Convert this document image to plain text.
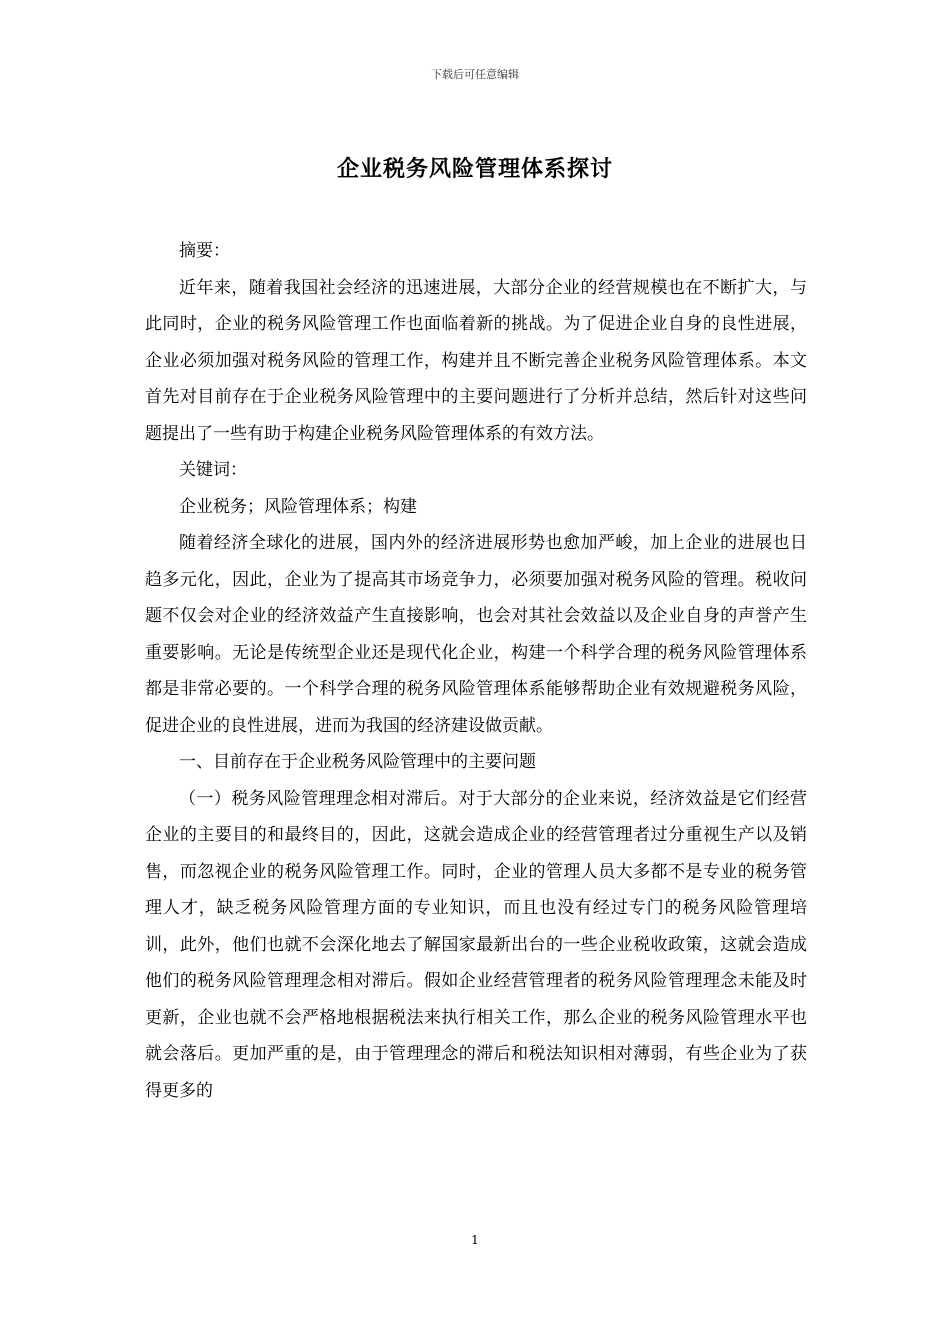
下载后可任意编辑
企业税务风险管理体系探讨

摘要：

近年来，随着我国社会经济的迅速进展，大部分企业的经营规模也在不断扩大，与此同时，企业的税务风险管理工作也面临着新的挑战。为了促进企业自身的良性进展，企业必须加强对税务风险的管理工作，构建并且不断完善企业税务风险管理体系。本文首先对目前存在于企业税务风险管理中的主要问题进行了分析并总结，然后针对这些问题提出了一些有助于构建企业税务风险管理体系的有效方法。

关键词：

企业税务；风险管理体系；构建

随着经济全球化的进展，国内外的经济进展形势也愈加严峻，加上企业的进展也日趋多元化，因此，企业为了提高其市场竞争力，必须要加强对税务风险的管理。税收问题不仅会对企业的经济效益产生直接影响，也会对其社会效益以及企业自身的声誉产生重要影响。无论是传统型企业还是现代化企业，构建一个科学合理的税务风险管理体系都是非常必要的。一个科学合理的税务风险管理体系能够帮助企业有效规避税务风险，促进企业的良性进展，进而为我国的经济建设做贡献。

一、目前存在于企业税务风险管理中的主要问题

（一）税务风险管理理念相对滞后。对于大部分的企业来说，经济效益是它们经营企业的主要目的和最终目的，因此，这就会造成企业的经营管理者过分重视生产以及销售，而忽视企业的税务风险管理工作。同时，企业的管理人员大多都不是专业的税务管理人才，缺乏税务风险管理方面的专业知识，而且也没有经过专门的税务风险管理培训，此外，他们也就不会深化地去了解国家最新出台的一些企业税收政策，这就会造成他们的税务风险管理理念相对滞后。假如企业经营管理者的税务风险管理理念未能及时更新，企业也就不会严格地根据税法来执行相关工作，那么企业的税务风险管理水平也就会落后。更加严重的是，由于管理理念的滞后和税法知识相对薄弱，有些企业为了获得更多的

1
